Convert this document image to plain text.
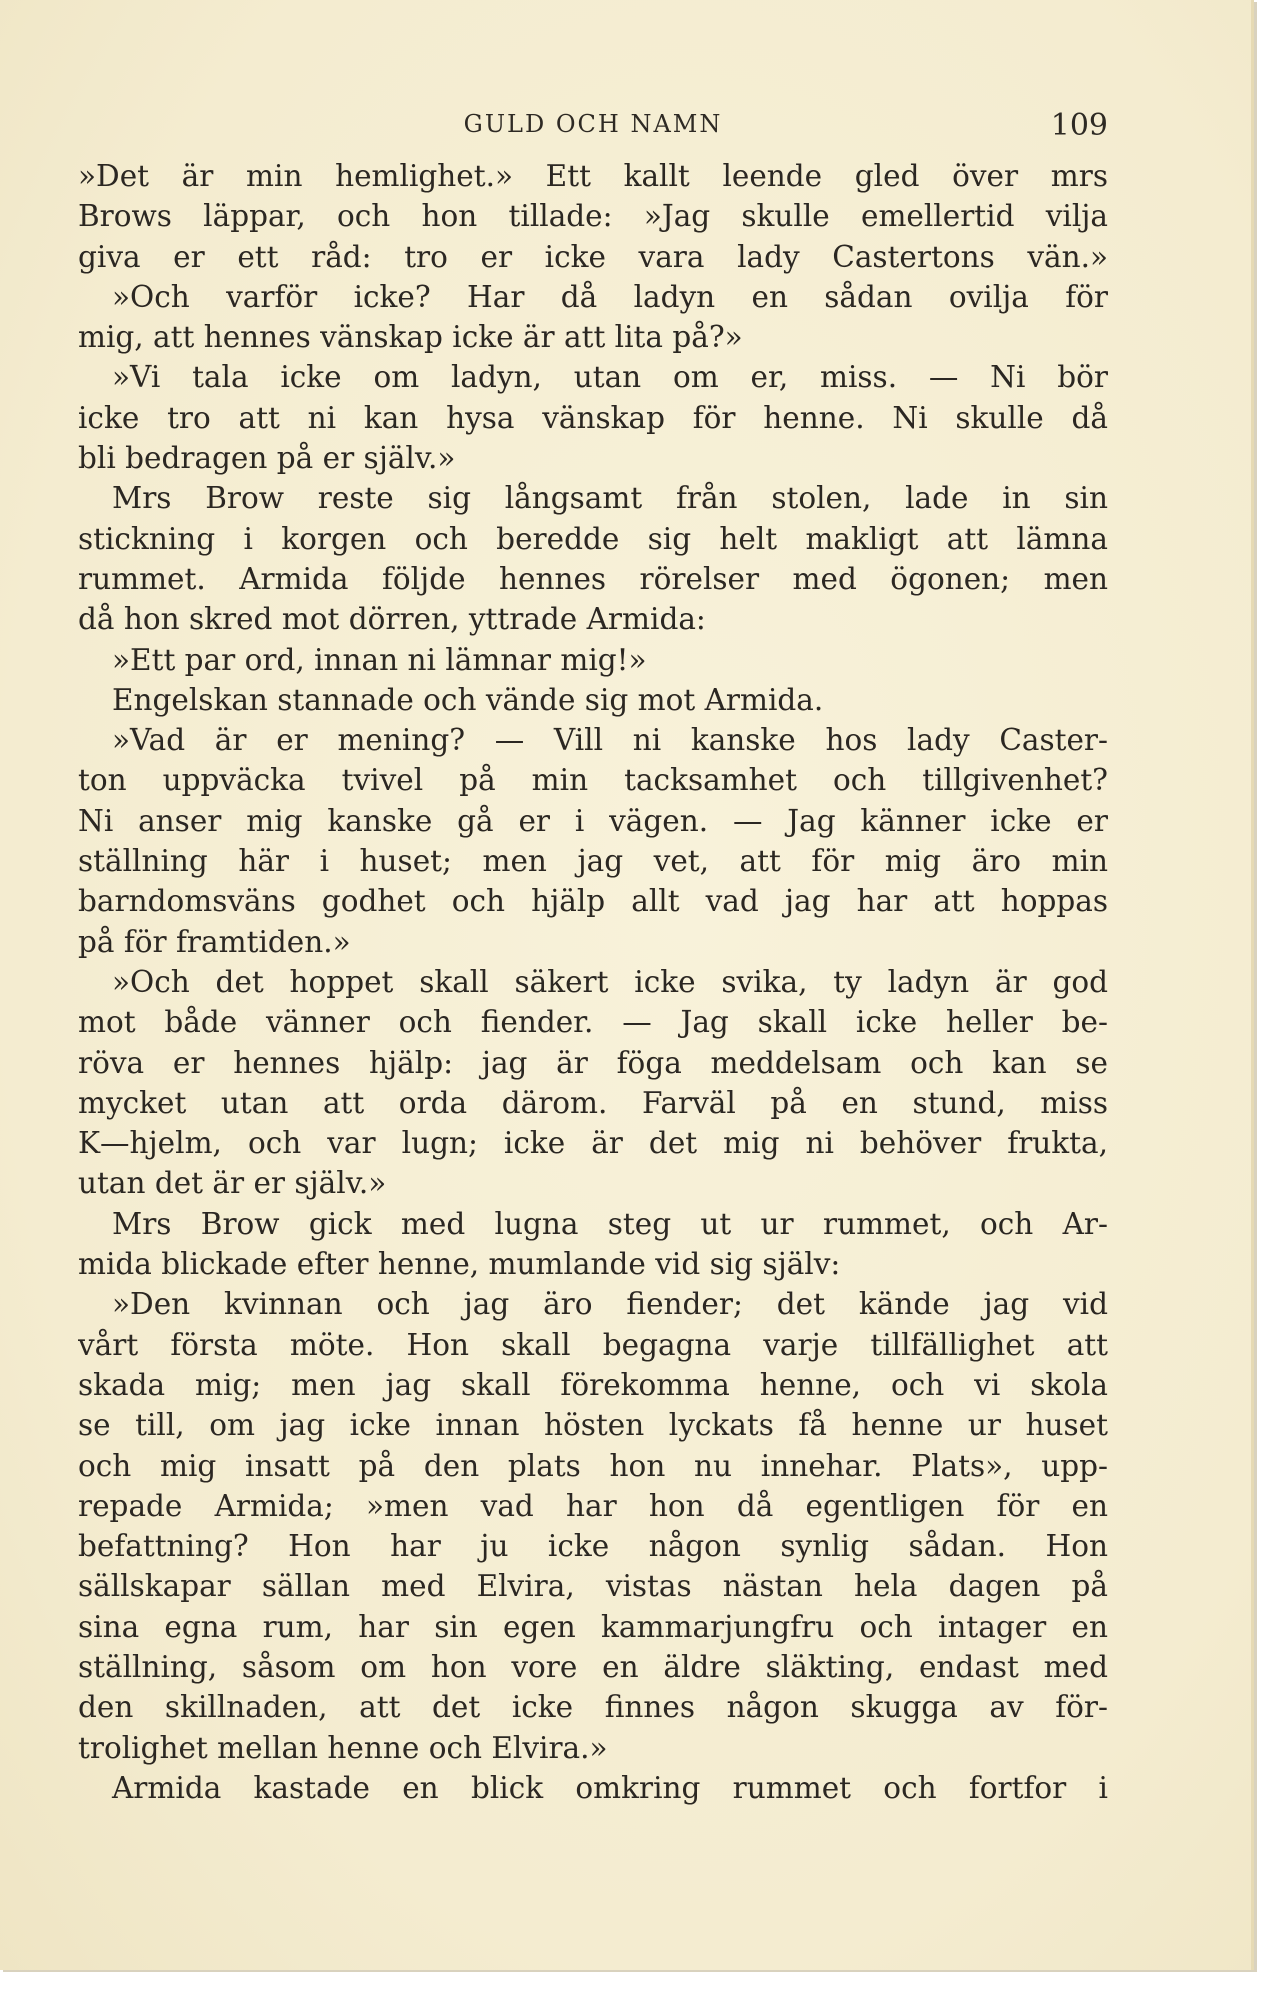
GULD OCH NAMN	109
»Det är min hemlighet.» Ett kallt leende gled över mrs
Brows läppar, och hon tillade: »Jag skulle emellertid vilja
giva er ett råd: tro er icke vara lady Castertons vän.»
»Och varför icke? Har då ladyn en sådan ovilja för
mig, att hennes vänskap icke är att lita på?»
»Vi tala icke om ladyn, utan om er, miss. — Ni bör
icke tro att ni kan hysa vänskap för henne. Ni skulle då
bli bedragen på er själv.»
Mrs Brow reste sig långsamt från stolen, lade in sin
stickning i korgen och beredde sig helt makligt att lämna
rummet. Armida följde hennes rörelser med ögonen; men
då hon skred mot dörren, yttrade Armida:
»Ett par ord, innan ni lämnar mig!»
Engelskan stannade och vände sig mot Armida.
»Vad är er mening? — Vill ni kanske hos lady Caster-
ton uppväcka tvivel på min tacksamhet och tillgivenhet?
Ni anser mig kanske gå er i vägen. — Jag känner icke er
ställning här i huset; men jag vet, att för mig äro min
barndomsväns godhet och hjälp allt vad jag har att hoppas
på för framtiden.»
»Och det hoppet skall säkert icke svika, ty ladyn är god
mot både vänner och fiender. — Jag skall icke heller be-
röva er hennes hjälp: jag är föga meddelsam och kan se
mycket utan att orda därom. Farväl på en stund, miss
K—hjelm, och var lugn; icke är det mig ni behöver frukta,
utan det är er själv.»
Mrs Brow gick med lugna steg ut ur rummet, och Ar-
mida blickade efter henne, mumlande vid sig själv:
»Den kvinnan och jag äro fiender; det kände jag vid
vårt första möte. Hon skall begagna varje tillfällighet att
skada mig; men jag skall förekomma henne, och vi skola
se till, om jag icke innan hösten lyckats få henne ur huset
och mig insatt på den plats hon nu innehar. Plats», upp-
repade Armida; »men vad har hon då egentligen för en
befattning? Hon har ju icke någon synlig sådan. Hon
sällskapar sällan med Elvira, vistas nästan hela dagen på
sina egna rum, har sin egen kammarjungfru och intager en
ställning, såsom om hon vore en äldre släkting, endast med
den skillnaden, att det icke finnes någon skugga av för-
trolighet mellan henne och Elvira.»
Armida kastade en blick omkring rummet och fortfor i
